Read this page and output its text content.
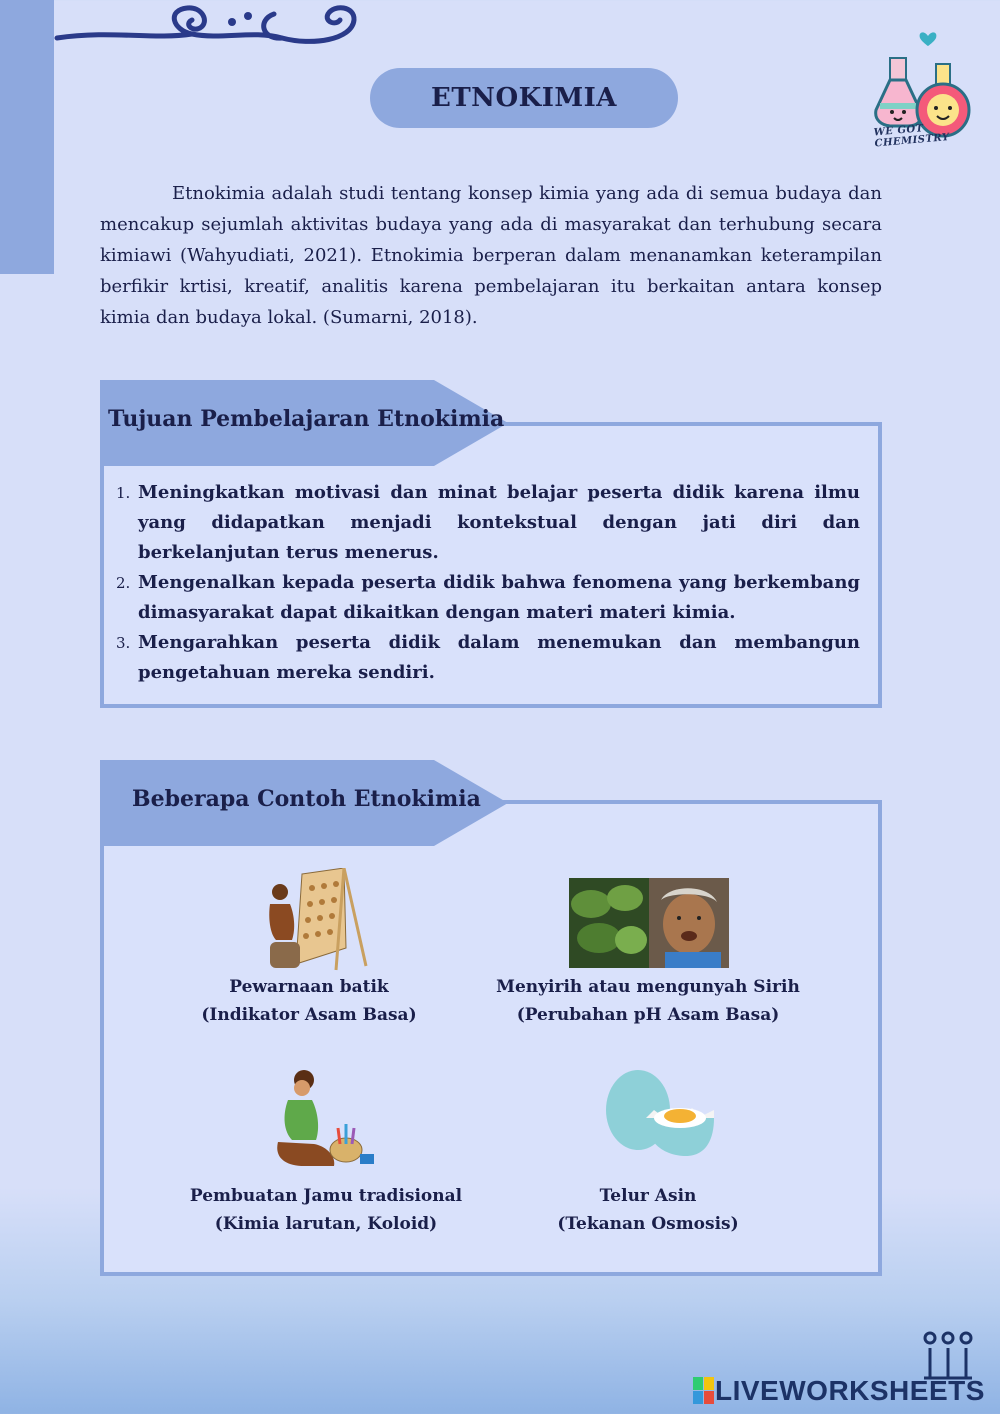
ETNOKIMIA
WE GOT CHEMISTRY

Etnokimia adalah studi tentang konsep kimia yang ada di semua budaya dan mencakup sejumlah aktivitas budaya yang ada di masyarakat dan terhubung secara kimiawi (Wahyudiati, 2021). Etnokimia berperan dalam menanamkan keterampilan berfikir krtisi, kreatif, analitis karena pembelajaran itu berkaitan antara konsep kimia dan budaya lokal. (Sumarni, 2018).

Tujuan Pembelajaran Etnokimia
1. Meningkatkan motivasi dan minat belajar peserta didik karena ilmu yang didapatkan menjadi kontekstual dengan jati diri dan berkelanjutan terus menerus.
2. Mengenalkan kepada peserta didik bahwa fenomena yang berkembang dimasyarakat dapat dikaitkan dengan materi materi kimia.
3. Mengarahkan peserta didik dalam menemukan dan membangun pengetahuan mereka sendiri.
Beberapa Contoh Etnokimia
Pewarnaan batik
(Indikator Asam Basa)
Menyirih atau mengunyah Sirih
(Perubahan pH Asam Basa)
Pembuatan Jamu tradisional
(Kimia larutan, Koloid)
Telur Asin
(Tekanan Osmosis)
LIVEWORKSHEETS
